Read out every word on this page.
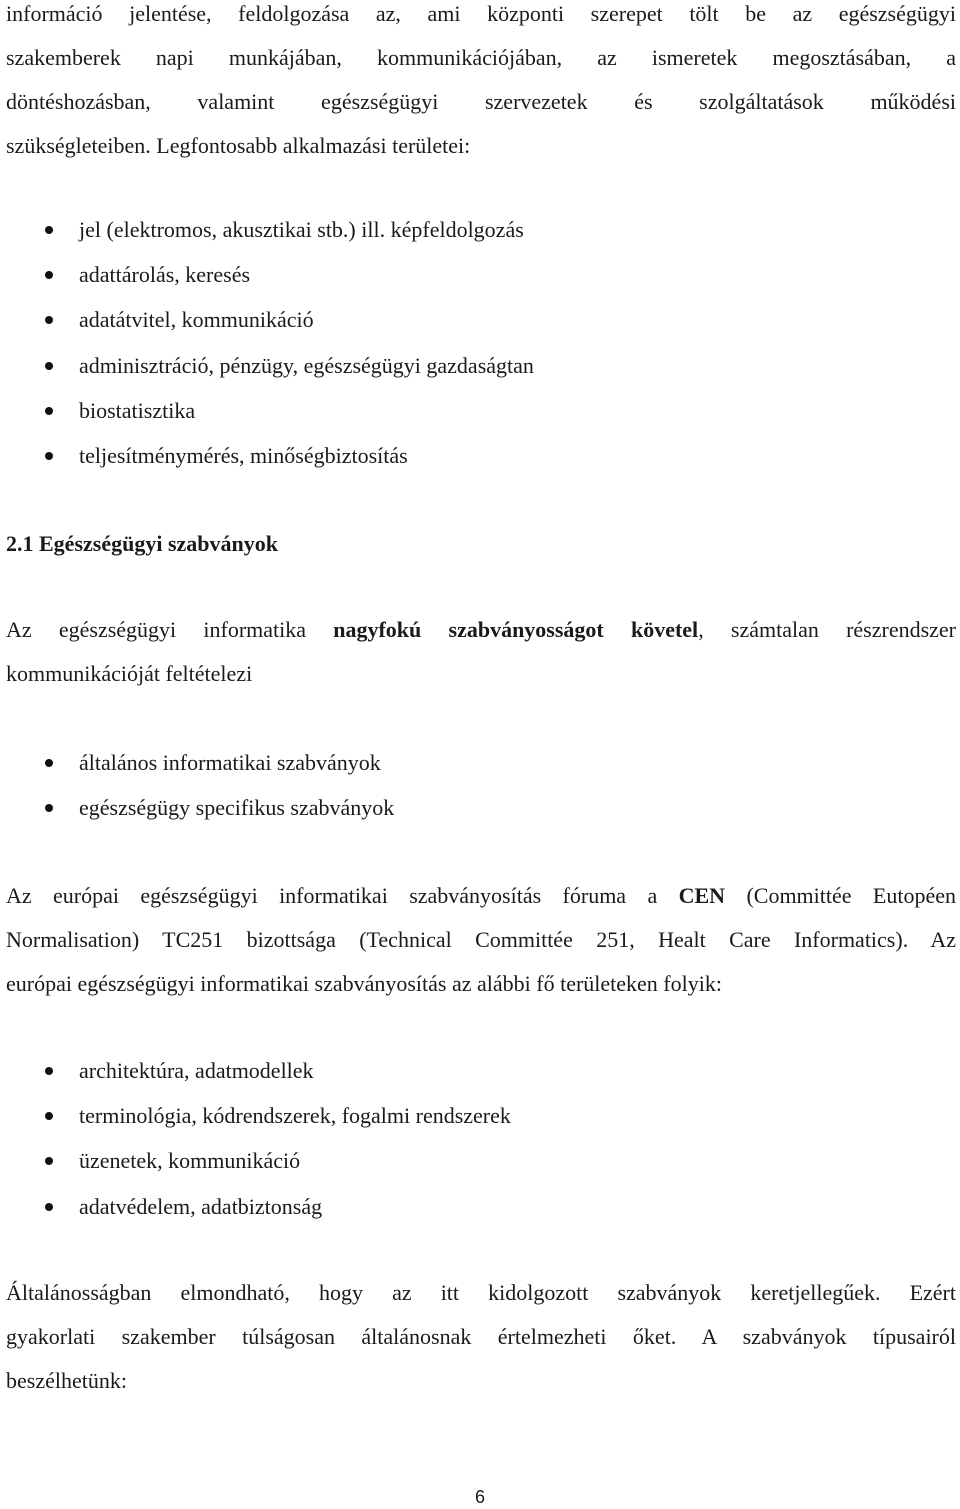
információ jelentése, feldolgozása az, ami központi szerepet tölt be az egészségügyi
szakemberek napi munkájában, kommunikációjában, az ismeretek megosztásában, a
döntéshozásban, valamint egészségügyi szervezetek és szolgáltatások működési
szükségleteiben. Legfontosabb alkalmazási területei:
jel (elektromos, akusztikai stb.) ill. képfeldolgozás
adattárolás, keresés
adatátvitel, kommunikáció
adminisztráció, pénzügy, egészségügyi gazdaságtan
biostatisztika
teljesítménymérés, minőségbiztosítás
2.1 Egészségügyi szabványok
Az egészségügyi informatika nagyfokú szabványosságot követel, számtalan részrendszer
kommunikációját feltételezi
általános informatikai szabványok
egészségügy specifikus szabványok
Az európai egészségügyi informatikai szabványosítás fóruma a CEN (Committée Eutopéen
Normalisation) TC251 bizottsága (Technical Committée 251, Healt Care Informatics). Az
európai egészségügyi informatikai szabványosítás az alábbi fő területeken folyik:
architektúra, adatmodellek
terminológia, kódrendszerek, fogalmi rendszerek
üzenetek, kommunikáció
adatvédelem, adatbiztonság
Általánosságban elmondható, hogy az itt kidolgozott szabványok keretjellegűek. Ezért
gyakorlati szakember túlságosan általánosnak értelmezheti őket. A szabványok típusairól
beszélhetünk:
6
